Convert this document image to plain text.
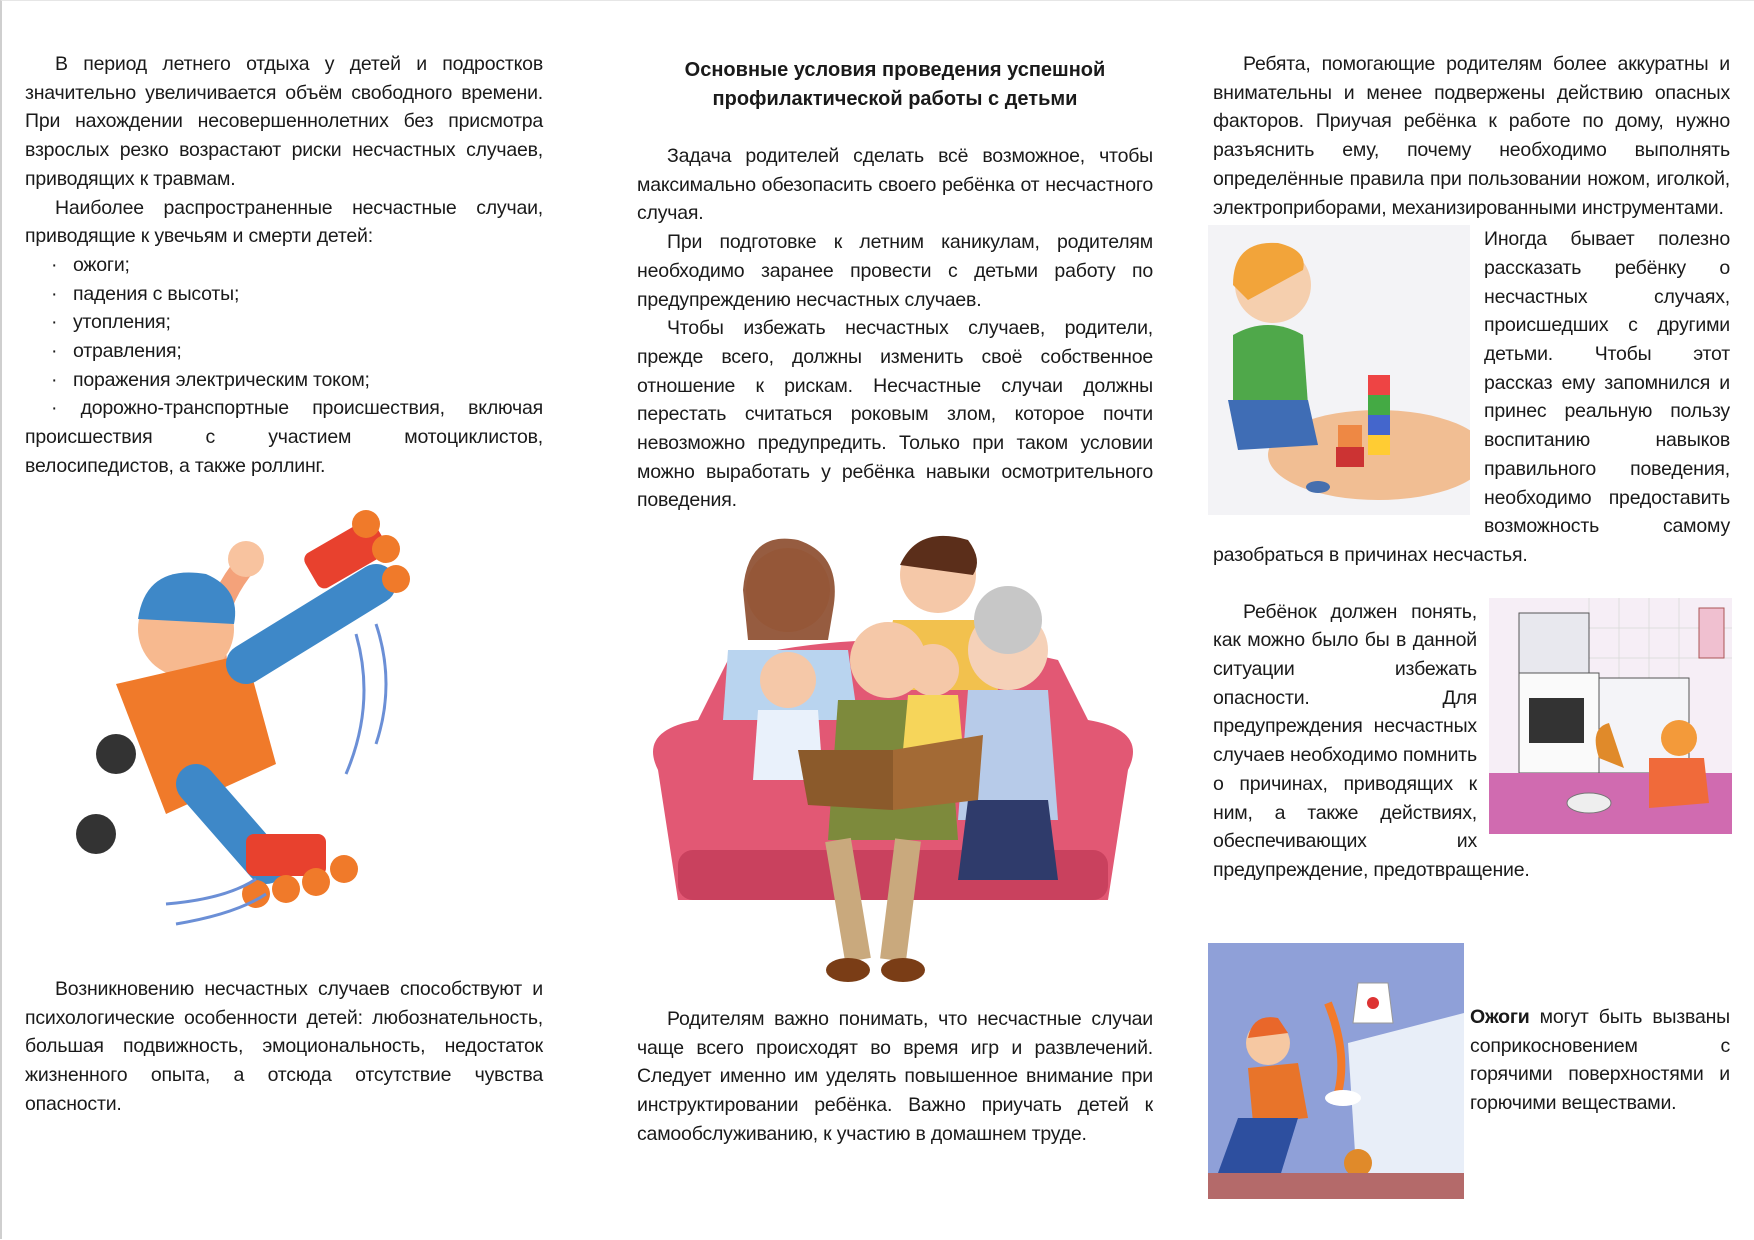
В период летнего отдыха у детей и подростков значительно увеличивается объём свободного времени. При нахождении несовершеннолетних без присмотра взрослых резко возрастают риски несчастных случаев, приводящих к травмам.

Наиболее распространенные несчастные случаи, приводящие к увечьям и смерти детей:

· ожоги;
· падения с высоты;
· утопления;
· отравления;
· поражения электрическим током;

· дорожно-транспортные происшествия, включая происшествия с участием мотоциклистов, велосипедистов, а также роллинг.

Возникновению несчастных случаев способствуют и психологические особенности детей: любознательность, большая подвижность, эмоциональность, недостаток жизненного опыта, а отсюда отсутствие чувства опасности.

Основные условия проведения успешной
профилактической работы с детьми

Задача родителей сделать всё возможное, чтобы максимально обезопасить своего ребёнка от несчастного случая.

При подготовке к летним каникулам, родителям необходимо заранее провести с детьми работу по предупреждению несчастных случаев.

Чтобы избежать несчастных случаев, родители, прежде всего, должны изменить своё собственное отношение к рискам. Несчастные случаи должны перестать считаться роковым злом, которое почти невозможно предупредить. Только при таком условии можно выработать у ребёнка навыки осмотрительного поведения.

Родителям важно понимать, что несчастные случаи чаще всего происходят во время игр и развлечений. Следует именно им уделять повышенное внимание при инструктировании ребёнка. Важно приучать детей к самообслуживанию, к участию в домашнем труде.

Ребята, помогающие родителям более аккуратны и внимательны и менее подвержены действию опасных факторов. Приучая ребёнка к работе по дому, нужно разъяснить ему, почему необходимо выполнять определённые правила при пользовании ножом, иголкой, электроприборами, механизированными инструментами.

Иногда бывает полезно рассказать ребёнку о несчастных случаях, происшедших с другими детьми. Чтобы этот рассказ ему запомнился и принес реальную пользу воспитанию навыков правильного поведения, необходимо предоставить возможность самому разобраться в причинах несчастья.

Ребёнок должен понять, как можно было бы в данной ситуации избежать опасности. Для предупреждения несчастных случаев необходимо помнить о причинах, приводящих к ним, а также действиях, обеспечивающих их предупреждение, предотвращение.

Ожоги могут быть вызваны соприкосновением с горячими поверхностями и горючими веществами.
